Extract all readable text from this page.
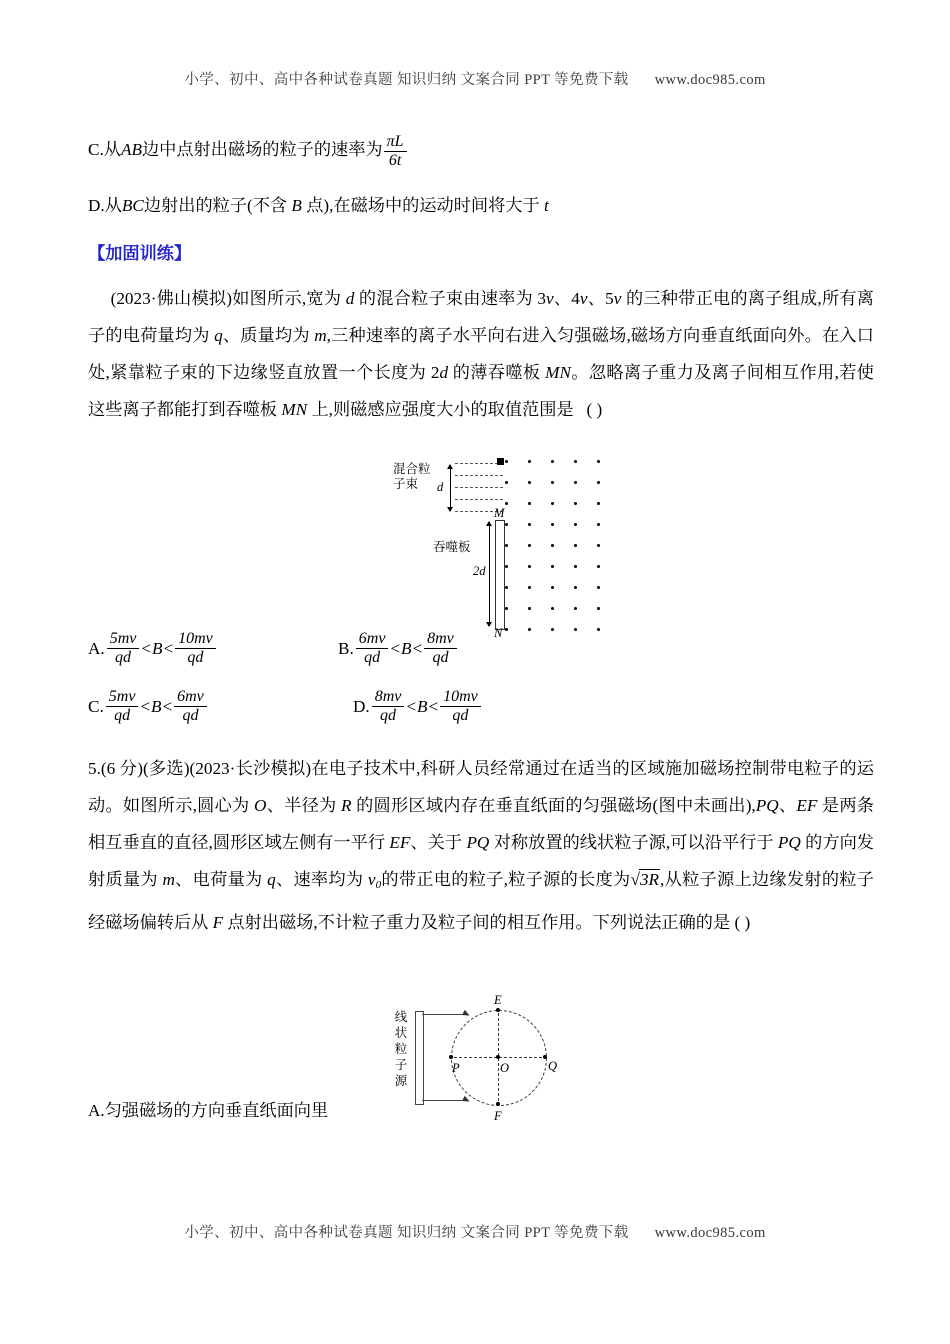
小学、初中、高中各种试卷真题 知识归纳 文案合同 PPT 等免费下载 www.doc985.com
C.从AB边中点射出磁场的粒子的速率为 $\frac{\pi L}{6t}$
D.从BC边射出的粒子(不含 B 点),在磁场中的运动时间将大于 t
【加固训练】
(2023·佛山模拟)如图所示,宽为 d 的混合粒子束由速率为 3v、4v、5v 的三种带正电的离子组成,所有离子的电荷量均为 q、质量均为 m,三种速率的离子水平向右进入匀强磁场,磁场方向垂直纸面向外。在入口处,紧靠粒子束的下边缘竖直放置一个长度为 2d 的薄吞噬板 MN。忽略离子重力及离子间相互作用,若使这些离子都能打到吞噬板 MN 上,则磁感应强度大小的取值范围是 ( )
A. $\frac{5mv}{qd} <B< \frac{10mv}{qd}$	B. $\frac{6mv}{qd} <B< \frac{8mv}{qd}$
C. $\frac{5mv}{qd} <B< \frac{6mv}{qd}$	D. $\frac{8mv}{qd} <B< \frac{10mv}{qd}$
5.(6 分)(多选)(2023·长沙模拟)在电子技术中,科研人员经常通过在适当的区域施加磁场控制带电粒子的运动。如图所示,圆心为 O、半径为 R 的圆形区域内存在垂直纸面的匀强磁场(图中未画出),PQ、EF 是两条相互垂直的直径,圆形区域左侧有一平行 EF、关于 PQ 对称放置的线状粒子源,可以沿平行于 PQ 的方向发射质量为 m、电荷量为 q、速率均为 $v_0$的带正电的粒子,粒子源的长度为√3R,从粒子源上边缘发射的粒子经磁场偏转后从 F 点射出磁场,不计粒子重力及粒子间的相互作用。下列说法正确的是 ( )
A.匀强磁场的方向垂直纸面向里
混合粒
子束	d
M
2d
吞噬板
N
线
状
粒
子
源
P	O	Q
E
F
小学、初中、高中各种试卷真题 知识归纳 文案合同 PPT 等免费下载 www.doc985.com
